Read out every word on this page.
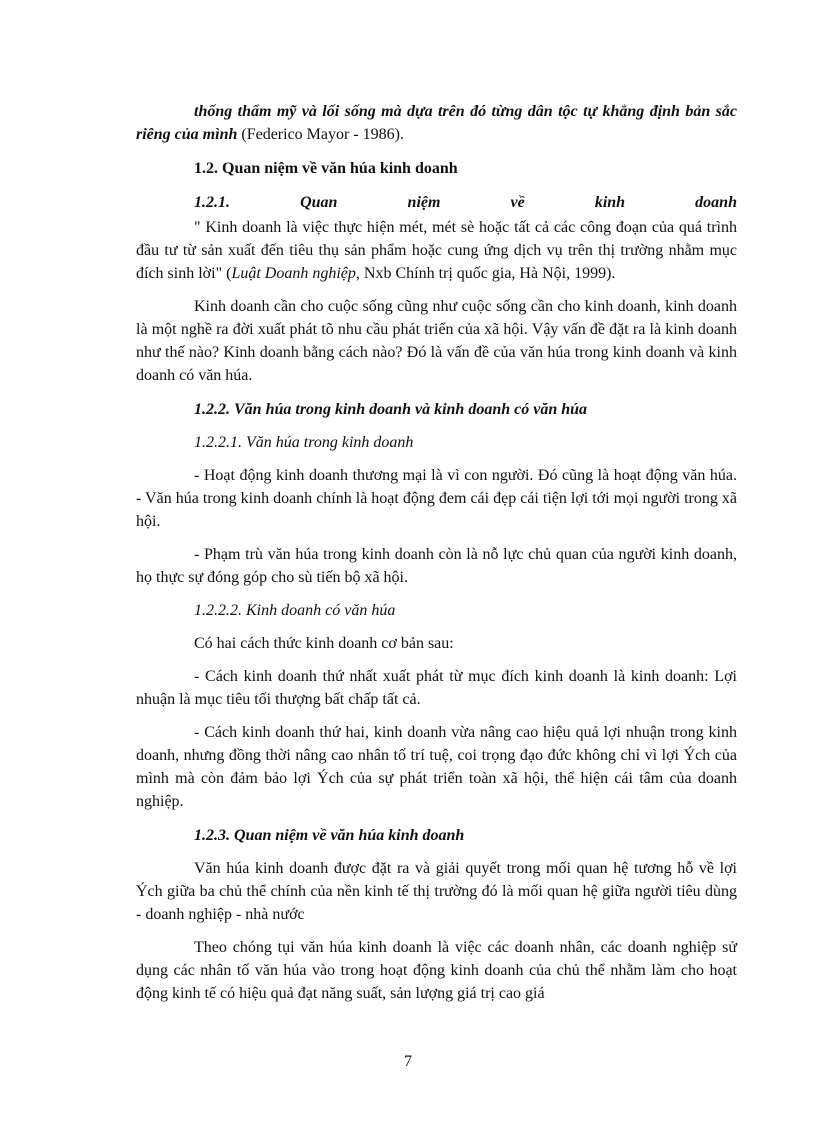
thống thẩm mỹ và lối sống mà dựa trên đó từng dân tộc tự khẳng định bản sắc riêng của mình (Federico Mayor - 1986).

1.2. Quan niệm về văn húa kinh doanh

1.2.1.	Quan	niệm	về	kinh	doanh

" Kinh doanh là việc thực hiện mét, mét sè hoặc tất cả các công đoạn của quá trình đầu tư từ sản xuất đến tiêu thụ sản phẩm hoặc cung ứng dịch vụ trên thị trường nhằm mục đích sinh lời" (Luật Doanh nghiệp, Nxb Chính trị quốc gia, Hà Nội, 1999).

Kinh doanh cần cho cuộc sống cũng như cuộc sống cần cho kinh doanh, kinh doanh là một nghề ra đời xuất phát tõ nhu cầu phát triển của xã hội. Vậy vấn đề đặt ra là kinh doanh như thế nào? Kinh doanh bằng cách nào? Đó là vấn đề của văn húa trong kinh doanh và kinh doanh có văn húa.

1.2.2. Văn húa trong kinh doanh và kinh doanh có văn húa

1.2.2.1. Văn húa trong kinh doanh

- Hoạt động kinh doanh thương mại là vì con người. Đó cũng là hoạt động văn húa. - Văn húa trong kinh doanh chính là hoạt động đem cái đẹp cái tiện lợi tới mọi người trong xã hội.

- Phạm trù văn húa trong kinh doanh còn là nỗ lực chủ quan của người kinh doanh, họ thực sự đóng góp cho sù tiến bộ xã hội.

1.2.2.2. Kinh doanh có văn húa

Có hai cách thức kinh doanh cơ bản sau:

- Cách kinh doanh thứ nhất xuất phát từ mục đích kinh doanh là kinh doanh: Lợi nhuận là mục tiêu tối thượng bất chấp tất cả.

- Cách kinh doanh thứ hai, kinh doanh vừa nâng cao hiệu quả lợi nhuận trong kinh doanh, nhưng đồng thời nâng cao nhân tố trí tuệ, coi trọng đạo đức không chỉ vì lợi Ých của mình mà còn đảm bảo lợi Ých của sự phát triển toàn xã hội, thể hiện cái tâm của doanh nghiệp.

1.2.3. Quan niệm về văn húa kinh doanh

Văn húa kinh doanh được đặt ra và giải quyết trong mối quan hệ tương hỗ về lợi Ých giữa ba chủ thể chính của nền kinh tế thị trường đó là mối quan hệ giữa người tiêu dùng - doanh nghiệp - nhà nước

Theo chóng tụi văn húa kinh doanh là việc các doanh nhân, các doanh nghiệp sử dụng các nhân tố văn húa vào trong hoạt động kinh doanh của chủ thể nhằm làm cho hoạt động kinh tế có hiệu quả đạt năng suất, sản lượng giá trị cao giá

7
